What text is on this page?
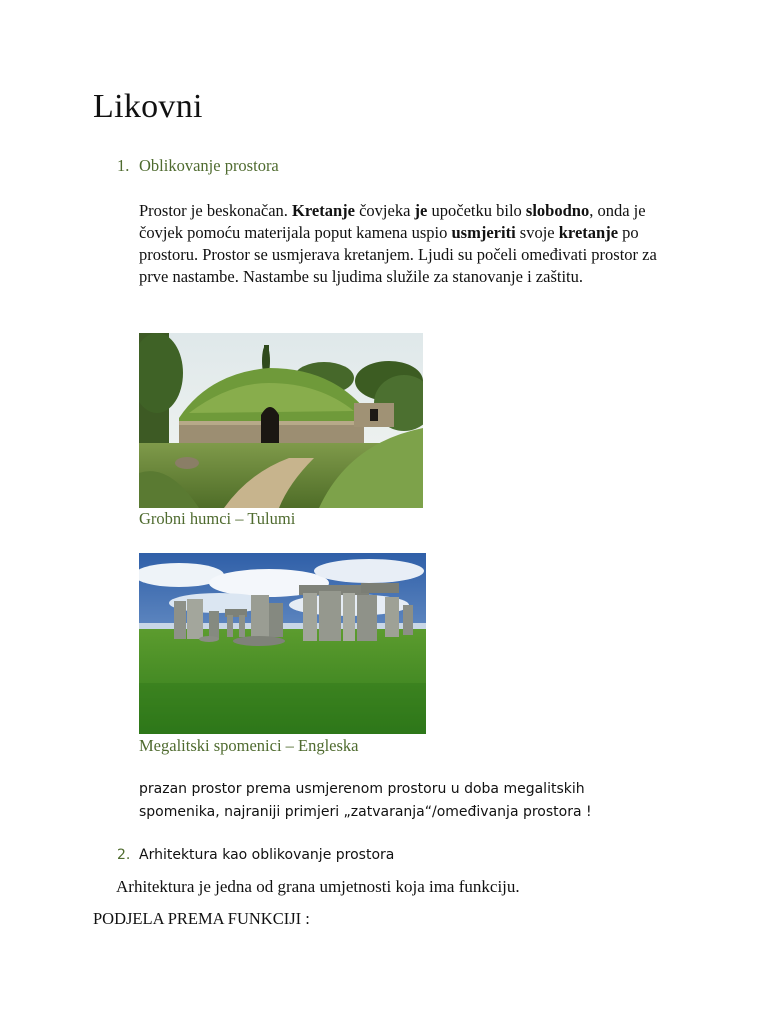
Likovni
1. Oblikovanje prostora
Prostor je beskonačan. Kretanje čovjeka je upočetku bilo slobodno, onda je čovjek pomoću materijala poput kamena uspio usmjeriti svoje kretanje po prostoru. Prostor se usmjerava kretanjem. Ljudi su počeli omeđivati prostor za prve nastambe. Nastambe su ljudima služile za stanovanje i zaštitu.
Grobni humci – Tulumi
Megalitski spomenici – Engleska
prazan prostor prema usmjerenom prostoru u doba megalitskih spomenika, najraniji primjeri „zatvaranja“/omeđivanja prostora !
2. Arhitektura kao oblikovanje prostora
Arhitektura je jedna od grana umjetnosti koja ima funkciju.
PODJELA PREMA FUNKCIJI :
